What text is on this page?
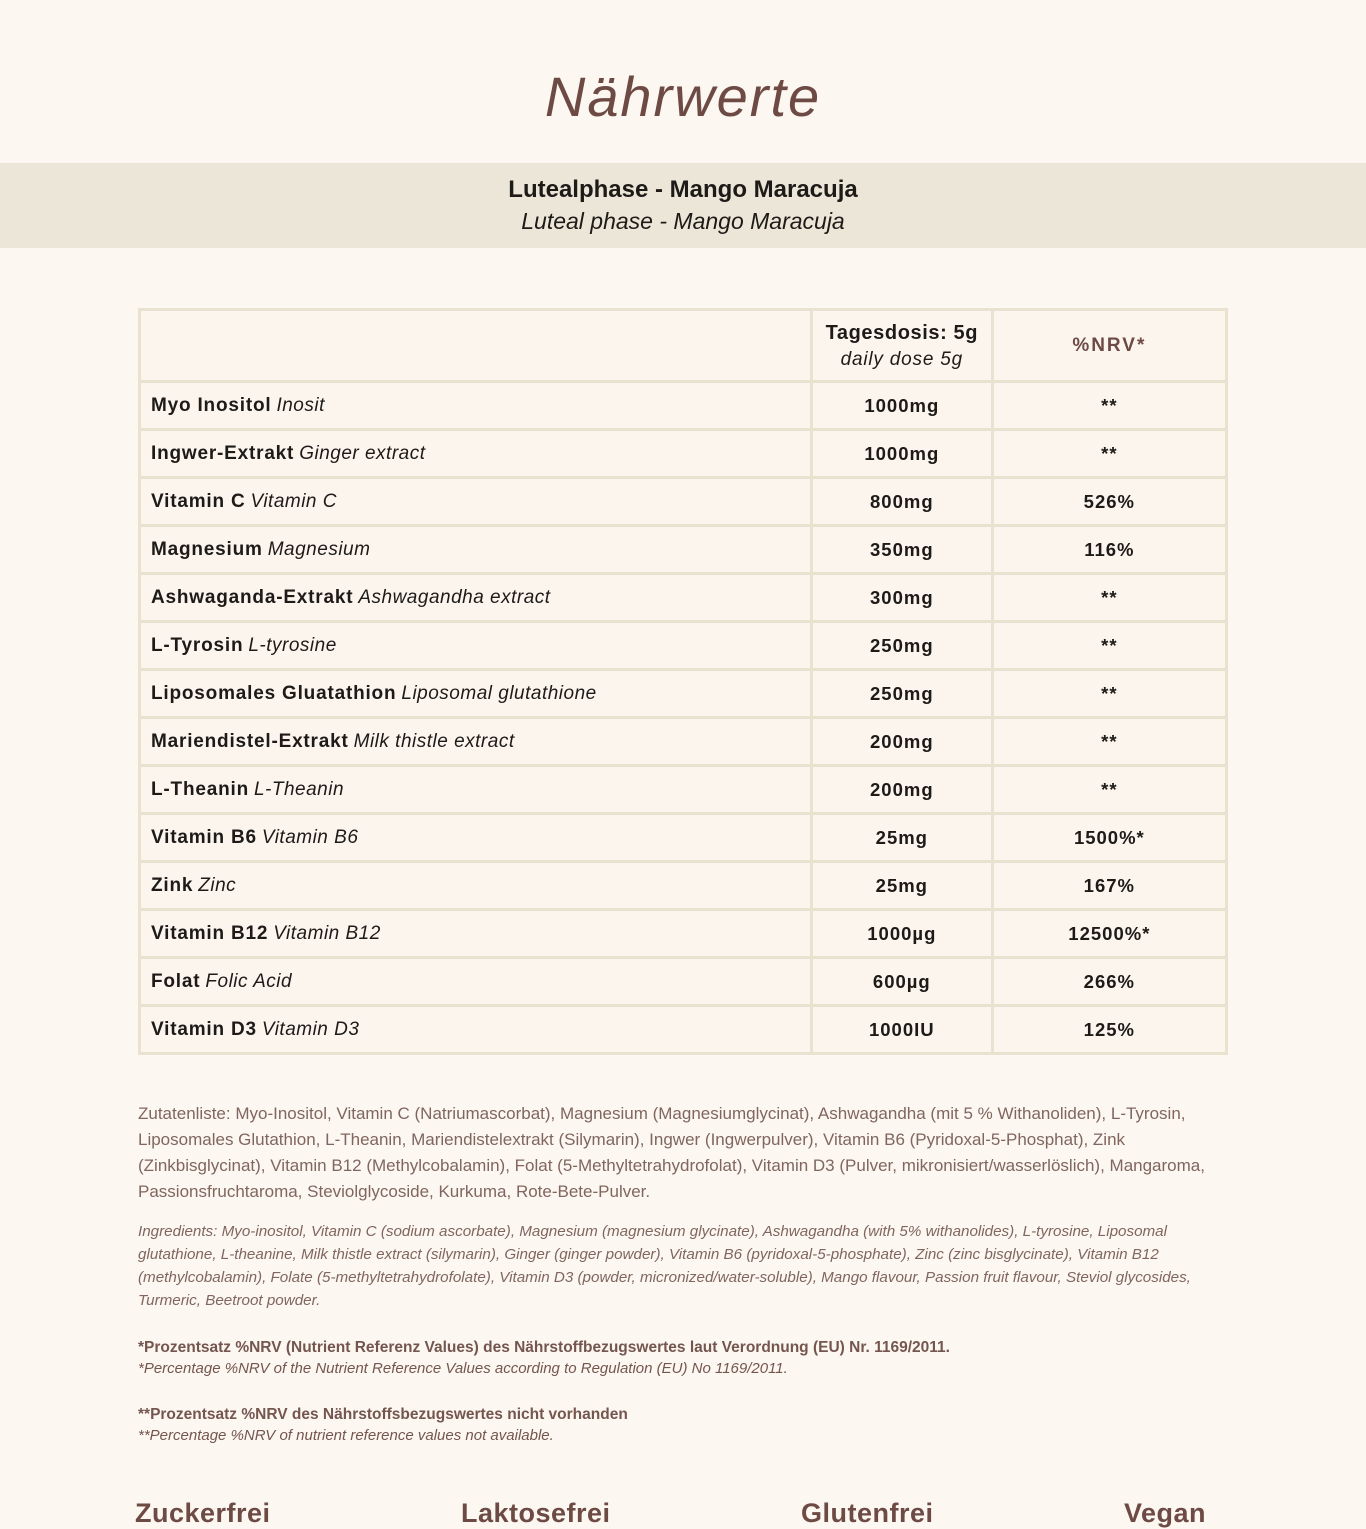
Nährwerte
Lutealphase - Mango Maracuja
Luteal phase - Mango Maracuja

	Tagesdosis: 5g
daily dose 5g	%NRV*
Myo Inositol Inosit	1000mg	**
Ingwer-Extrakt Ginger extract	1000mg	**
Vitamin C Vitamin C	800mg	526%
Magnesium Magnesium	350mg	116%
Ashwaganda-Extrakt Ashwagandha extract	300mg	**
L-Tyrosin L-tyrosine	250mg	**
Liposomales Gluatathion Liposomal glutathione	250mg	**
Mariendistel-Extrakt Milk thistle extract	200mg	**
L-Theanin L-Theanin	200mg	**
Vitamin B6 Vitamin B6	25mg	1500%*
Zink Zinc	25mg	167%
Vitamin B12 Vitamin B12	1000µg	12500%*
Folat Folic Acid	600µg	266%
Vitamin D3 Vitamin D3	1000IU	125%

Zutatenliste: Myo-Inositol, Vitamin C (Natriumascorbat), Magnesium (Magnesiumglycinat), Ashwagandha (mit 5 % Withanoliden), L-Tyrosin, Liposomales Glutathion, L-Theanin, Mariendistelextrakt (Silymarin), Ingwer (Ingwerpulver), Vitamin B6 (Pyridoxal-5-Phosphat), Zink (Zinkbisglycinat), Vitamin B12 (Methylcobalamin), Folat (5-Methyltetrahydrofolat), Vitamin D3 (Pulver, mikronisiert/wasserlöslich), Mangaroma, Passionsfruchtaroma, Steviolglycoside, Kurkuma, Rote-Bete-Pulver.

Ingredients: Myo-inositol, Vitamin C (sodium ascorbate), Magnesium (magnesium glycinate), Ashwagandha (with 5% withanolides), L-tyrosine, Liposomal glutathione, L-theanine, Milk thistle extract (silymarin), Ginger (ginger powder), Vitamin B6 (pyridoxal-5-phosphate), Zinc (zinc bisglycinate), Vitamin B12 (methylcobalamin), Folate (5-methyltetrahydrofolate), Vitamin D3 (powder, micronized/water-soluble), Mango flavour, Passion fruit flavour, Steviol glycosides, Turmeric, Beetroot powder.

*Prozentsatz %NRV (Nutrient Referenz Values) des Nährstoffbezugswertes laut Verordnung (EU) Nr. 1169/2011.

*Percentage %NRV of the Nutrient Reference Values according to Regulation (EU) No 1169/2011.

**Prozentsatz %NRV des Nährstoffsbezugswertes nicht vorhanden

**Percentage %NRV of nutrient reference values not available.

Zuckerfrei	Laktosefrei	Glutenfrei	Vegan
